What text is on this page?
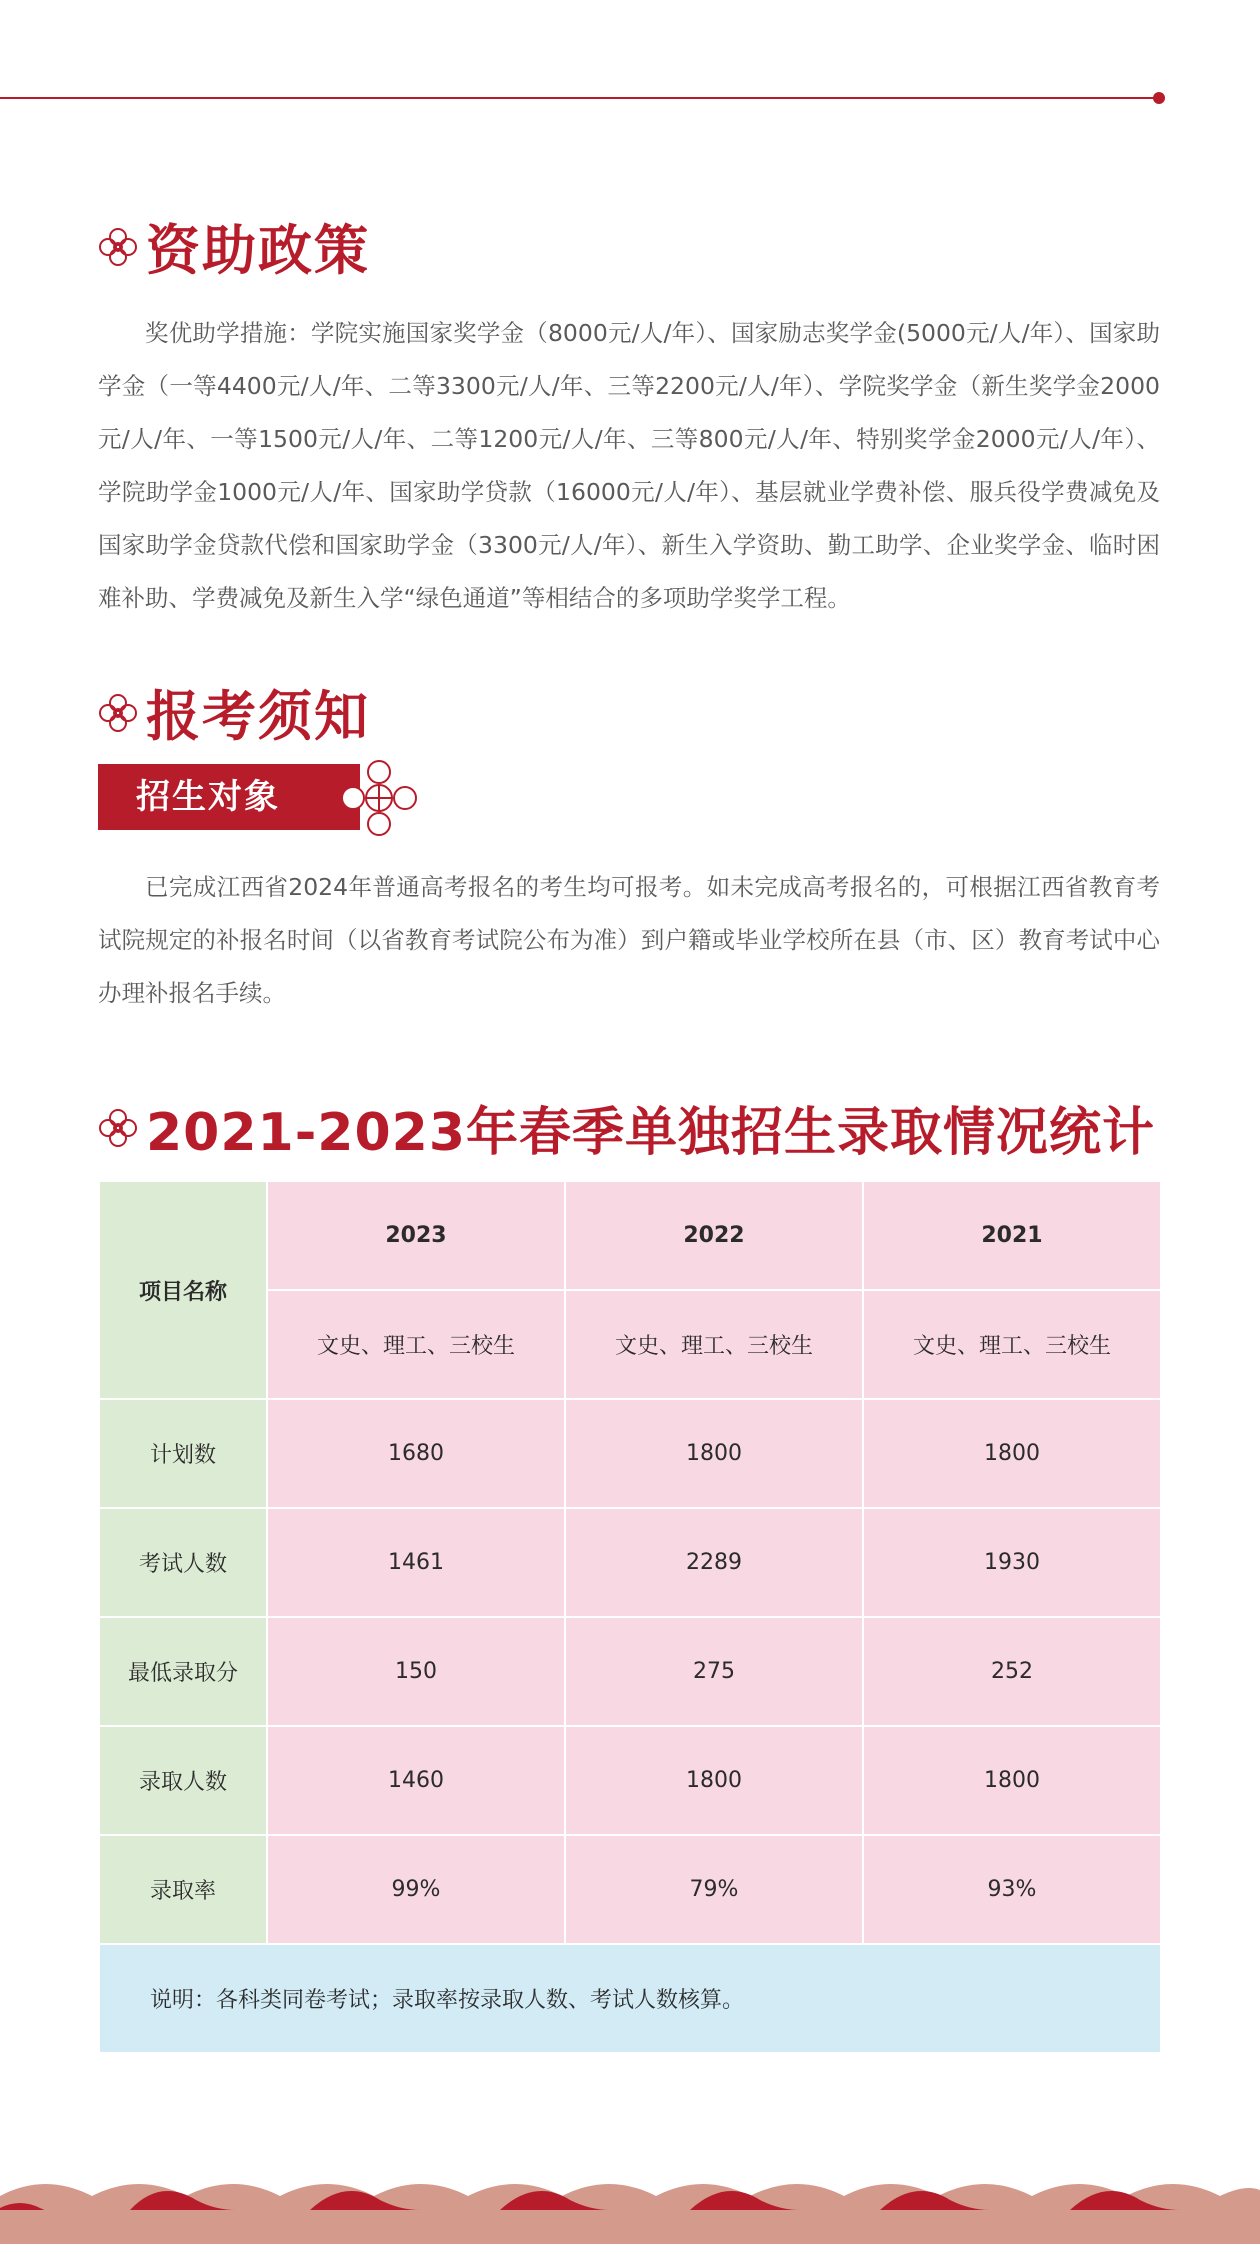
资助政策

奖优助学措施：学院实施国家奖学金（8000元/人/年）、国家励志奖学金(5000元/人/年）、国家助学金（一等4400元/人/年、二等3300元/人/年、三等2200元/人/年）、学院奖学金（新生奖学金2000元/人/年、一等1500元/人/年、二等1200元/人/年、三等800元/人/年、特别奖学金2000元/人/年）、学院助学金1000元/人/年、国家助学贷款（16000元/人/年）、基层就业学费补偿、服兵役学费减免及国家助学金贷款代偿和国家助学金（3300元/人/年）、新生入学资助、勤工助学、企业奖学金、临时困难补助、学费减免及新生入学“绿色通道”等相结合的多项助学奖学工程。

报考须知
招生对象

已完成江西省2024年普通高考报名的考生均可报考。如未完成高考报名的，可根据江西省教育考试院规定的补报名时间（以省教育考试院公布为准）到户籍或毕业学校所在县（市、区）教育考试中心办理补报名手续。

2021-2023年春季单独招生录取情况统计
项目名称	2023	2022	2021
	文史、理工、三校生	文史、理工、三校生	文史、理工、三校生
计划数	1680	1800	1800
考试人数	1461	2289	1930
最低录取分	150	275	252
录取人数	1460	1800	1800
录取率	99%	79%	93%
说明：各科类同卷考试；录取率按录取人数、考试人数核算。			
